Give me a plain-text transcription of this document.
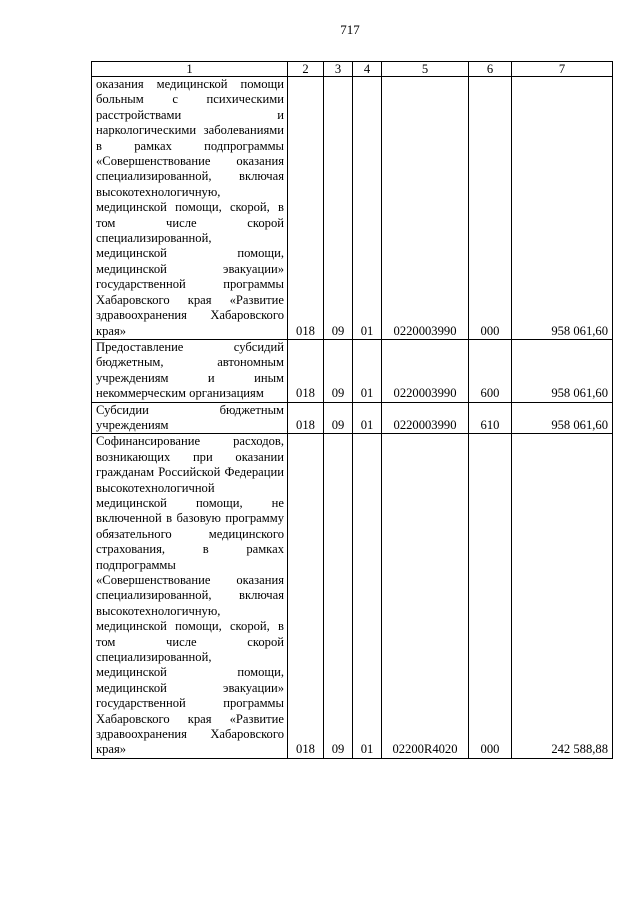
717
1	2	3	4	5	6	7
оказания медицинской помощи больным с психическими расстройствами и наркологическими заболеваниями в рамках подпрограммы «Совершенствование оказания специализированной, включая высокотехнологичную, медицинской помощи, скорой, в том числе скорой специализированной, медицинской помощи, медицинской эвакуации» государственной программы Хабаровского края «Развитие здравоохранения Хабаровского края»	018	09	01	0220003990	000	958 061,60
Предоставление субсидий бюджетным, автономным учреждениям и иным некоммерческим организациям	018	09	01	0220003990	600	958 061,60
Субсидии бюджетным учреждениям	018	09	01	0220003990	610	958 061,60
Софинансирование расходов, возникающих при оказании гражданам Российской Федерации высокотехнологичной медицинской помощи, не включенной в базовую программу обязательного медицинского страхования, в рамках подпрограммы «Совершенствование оказания специализированной, включая высокотехнологичную, медицинской помощи, скорой, в том числе скорой специализированной, медицинской помощи, медицинской эвакуации» государственной программы Хабаровского края «Развитие здравоохранения Хабаровского края»	018	09	01	02200R4020	000	242 588,88
